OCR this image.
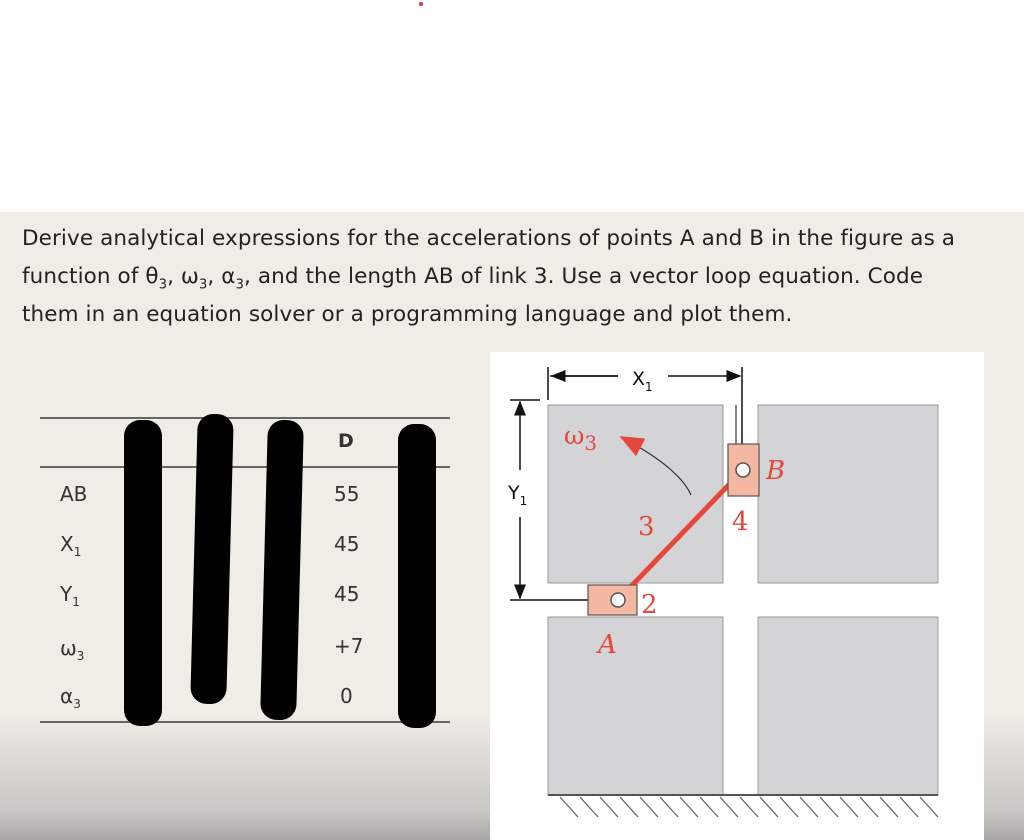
Derive analytical expressions for the accelerations of points A and B in the figure as a
function of $\theta_3$, $\omega_3$, $\alpha_3$, and the length AB of link 3. Use a vector loop equation. Code
them in an equation solver or a programming language and plot them.

D
AB	55
$X_1$	45
$Y_1$	45
$\omega_3$	+7
$\alpha_3$	0
$X_1$
$Y_1$
$\omega_3$
3
A
B
2
4
